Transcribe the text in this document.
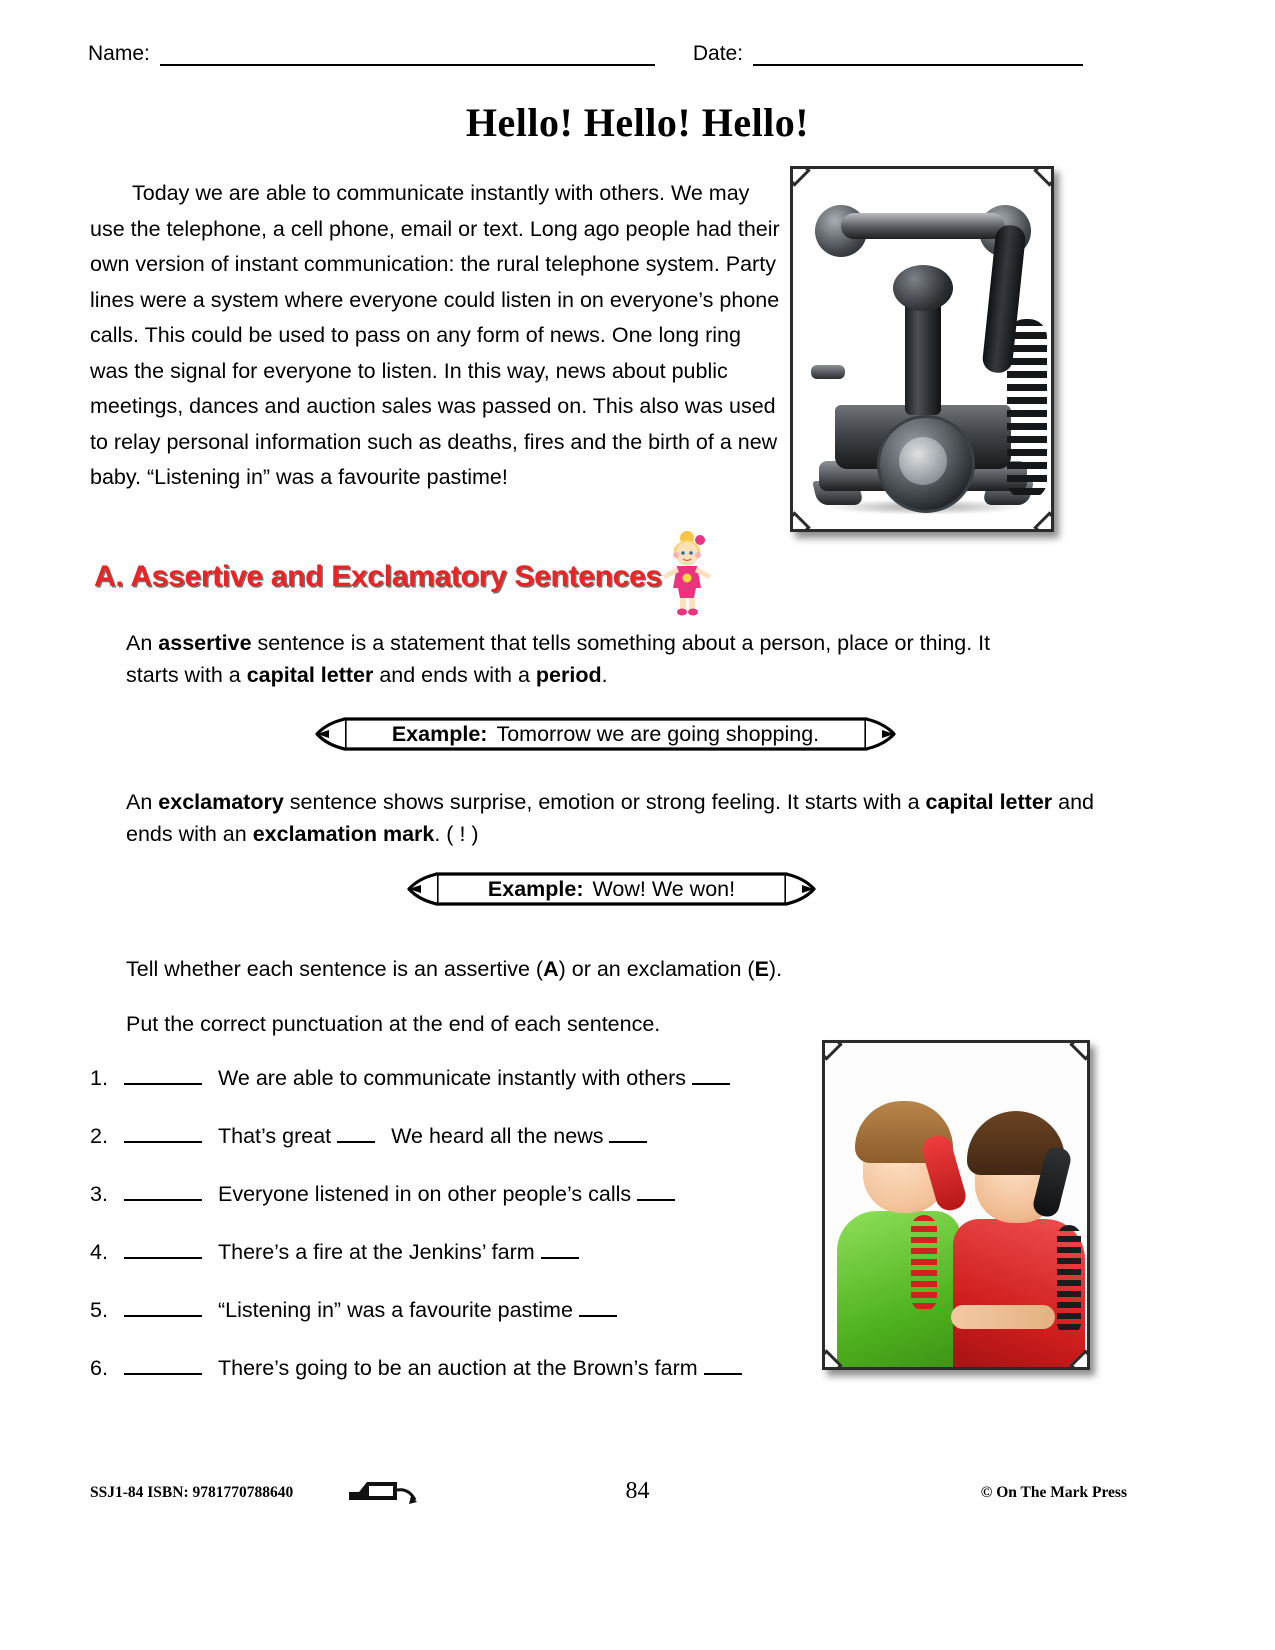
Name:	Date:
Hello! Hello! Hello!
Today we are able to communicate instantly with others. We may use the telephone, a cell phone, email or text. Long ago people had their own version of instant communication: the rural telephone system. Party lines were a system where everyone could listen in on everyone’s phone calls. This could be used to pass on any form of news. One long ring was the signal for everyone to listen. In this way, news about public meetings, dances and auction sales was passed on. This also was used to relay personal information such as deaths, fires and the birth of a new baby. “Listening in” was a favourite pastime!
A. Assertive and Exclamatory Sentences
An assertive sentence is a statement that tells something about a person, place or thing. It starts with a capital letter and ends with a period.
Example: Tomorrow we are going shopping.
An exclamatory sentence shows surprise, emotion or strong feeling. It starts with a capital letter and ends with an exclamation mark. ( ! )
Example: Wow! We won!
Tell whether each sentence is an assertive (A) or an exclamation (E).
Put the correct punctuation at the end of each sentence.
1.	We are able to communicate instantly with others
2.	That’s great	We heard all the news
3.	Everyone listened in on other people’s calls
4.	There’s a fire at the Jenkins’ farm
5.	“Listening in” was a favourite pastime
6.	There’s going to be an auction at the Brown’s farm
SSJ1-84 ISBN: 9781770788640	84	© On The Mark Press
